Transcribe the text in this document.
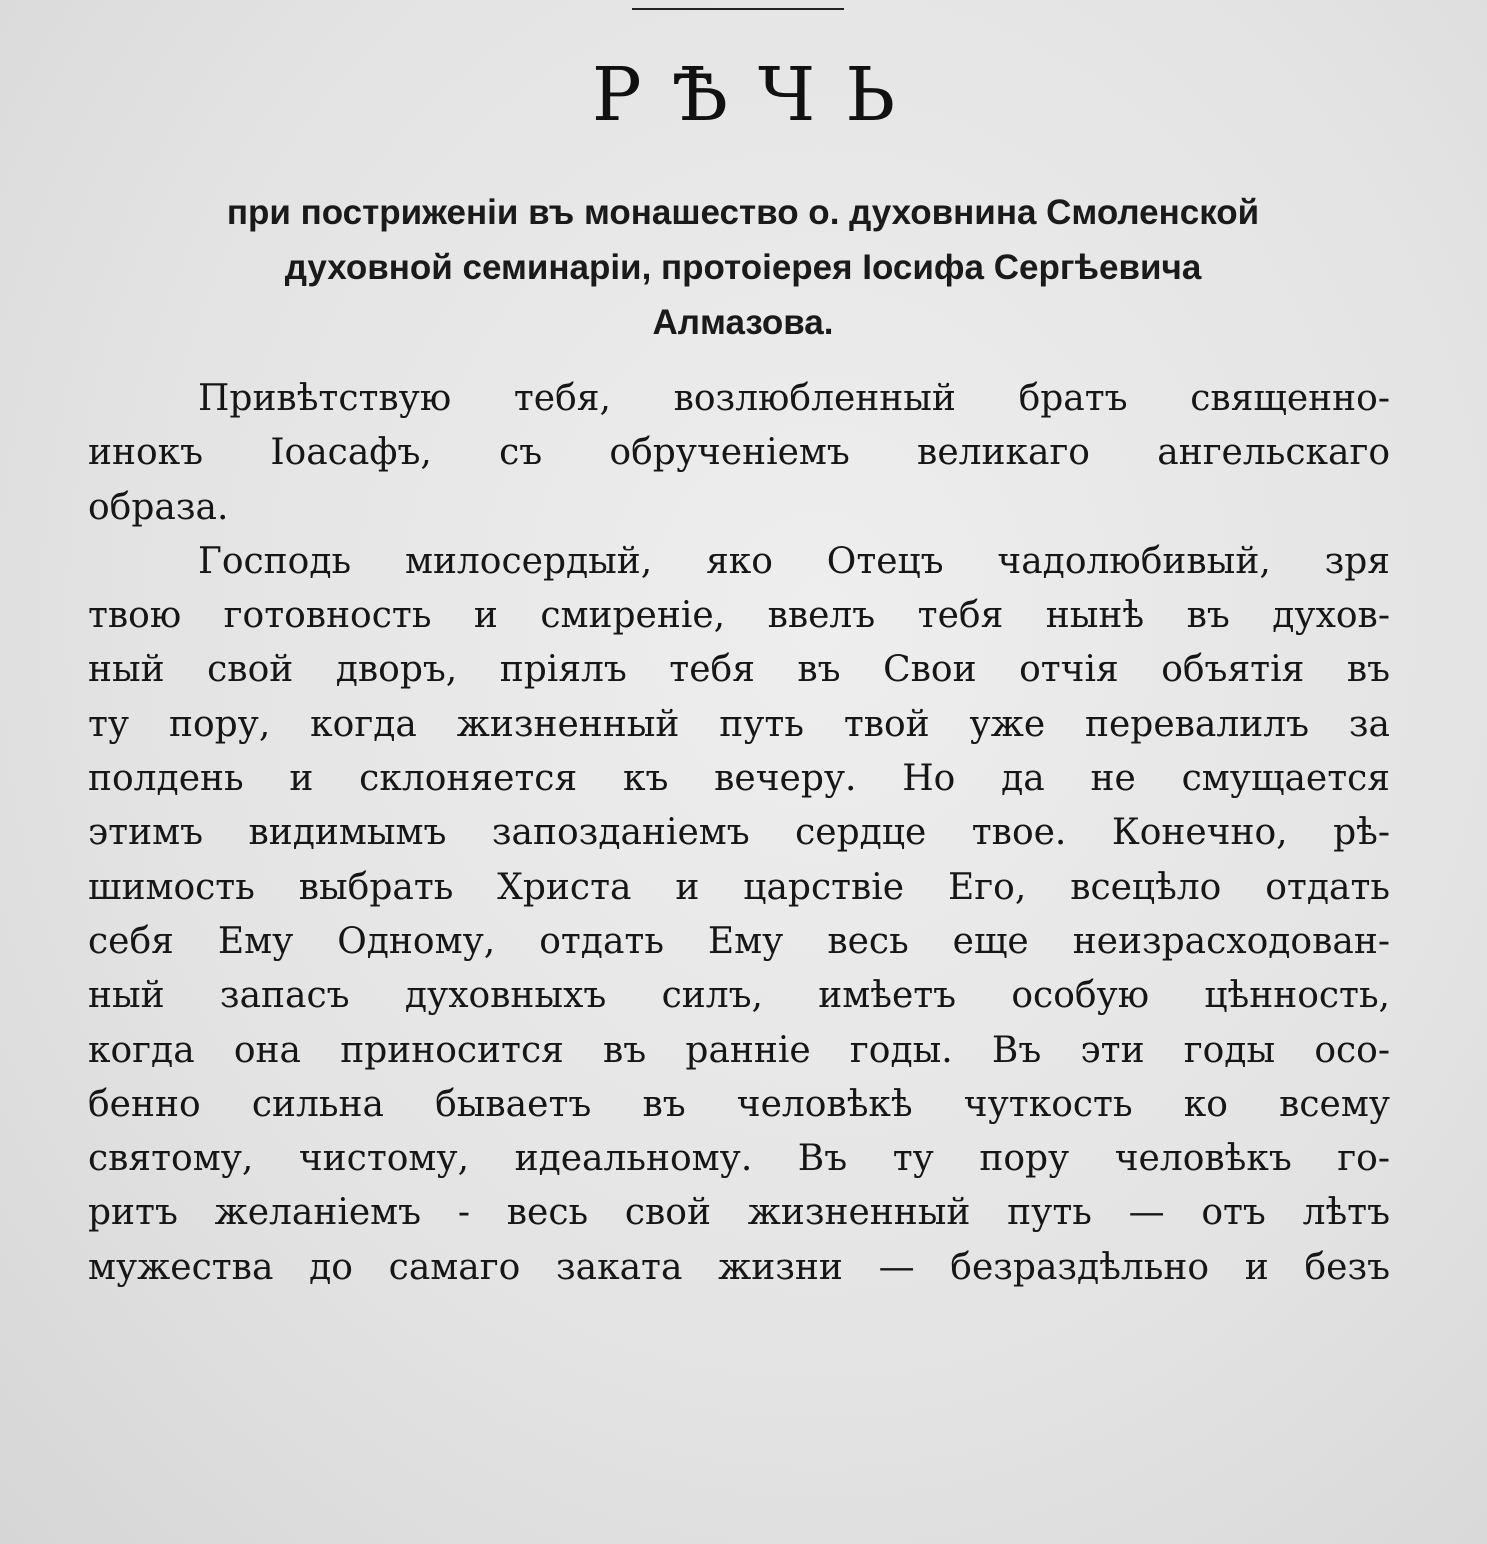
РѢЧЬ
при постриженіи въ монашество о. духовнина Смоленской
духовной семинаріи, протоіерея Іосифа Сергѣевича
Алмазова.
Привѣтствую тебя, возлюбленный братъ священно-
инокъ Іоасафъ, съ обрученіемъ великаго ангельскаго
образа.
Господь милосердый, яко Отецъ чадолюбивый, зря
твою готовность и смиреніе, ввелъ тебя нынѣ въ духов-
ный свой дворъ, пріялъ тебя въ Свои отчія объятія въ
ту пору, когда жизненный путь твой уже перевалилъ за
полдень и склоняется къ вечеру. Но да не смущается
этимъ видимымъ запозданіемъ сердце твое. Конечно, рѣ-
шимость выбрать Христа и царствіе Его, всецѣло отдать
себя Ему Одному, отдать Ему весь еще неизрасходован-
ный запасъ духовныхъ силъ, имѣетъ особую цѣнность,
когда она приносится въ ранніе годы. Въ эти годы осо-
бенно сильна бываетъ въ человѣкѣ чуткость ко всему
святому, чистому, идеальному. Въ ту пору человѣкъ го-
ритъ желаніемъ - весь свой жизненный путь — отъ лѣтъ
мужества до самаго заката жизни — безраздѣльно и безъ
